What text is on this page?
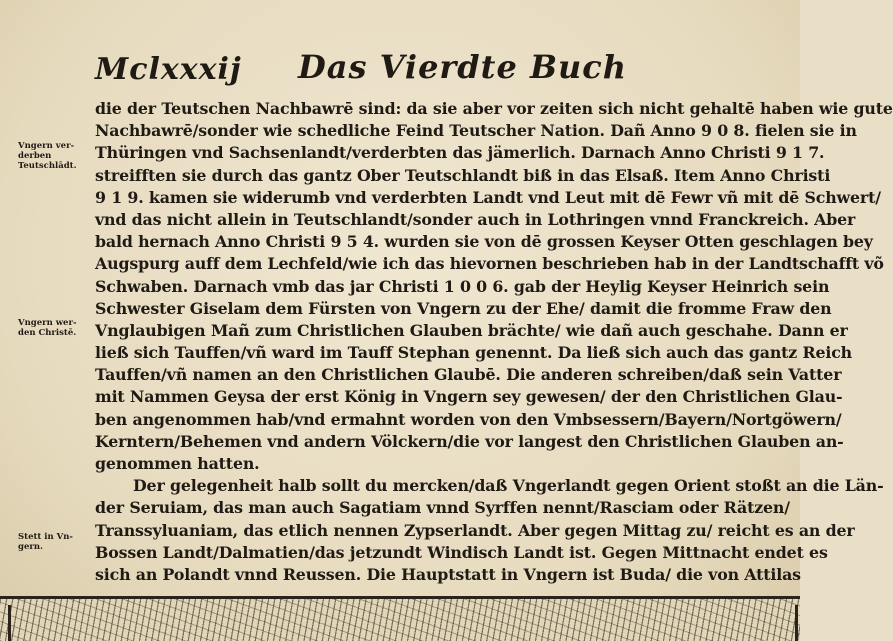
Mclxxxij Das Vierdte Buch
Vngern ver-derben Teutschlādt.
Vngern wer-den Christē.
Stett in Vn-gern.
die der Teutschen Nachbawrē sind: da sie aber vor zeiten sich nicht gehaltē haben wie gute
Nachbawrē/sonder wie schedliche Feind Teutscher Nation. Dañ Anno 9 0 8. fielen sie in
Thüringen vnd Sachsenlandt/verderbten das jämerlich. Darnach Anno Christi 9 1 7.
streifften sie durch das gantz Ober Teutschlandt biß in das Elsaß. Item Anno Christi
9 1 9. kamen sie widerumb vnd verderbten Landt vnd Leut mit dē Fewr vñ mit dē Schwert/
vnd das nicht allein in Teutschlandt/sonder auch in Lothringen vnnd Franckreich. Aber
bald hernach Anno Christi 9 5 4. wurden sie von dē grossen Keyser Otten geschlagen bey
Augspurg auff dem Lechfeld/wie ich das hievornen beschrieben hab in der Landtschafft võ
Schwaben. Darnach vmb das jar Christi 1 0 0 6. gab der Heylig Keyser Heinrich sein
Schwester Giselam dem Fürsten von Vngern zu der Ehe/ damit die fromme Fraw den
Vnglaubigen Mañ zum Christlichen Glauben brächte/ wie dañ auch geschahe. Dann er
ließ sich Tauffen/vñ ward im Tauff Stephan genennt. Da ließ sich auch das gantz Reich
Tauffen/vñ namen an den Christlichen Glaubē. Die anderen schreiben/daß sein Vatter
mit Nammen Geysa der erst König in Vngern sey gewesen/ der den Christlichen Glau-
ben angenommen hab/vnd ermahnt worden von den Vmbsessern/Bayern/Nortgöwern/
Kerntern/Behemen vnd andern Völckern/die vor langest den Christlichen Glauben an-
genommen hatten.
Der gelegenheit halb sollt du mercken/daß Vngerlandt gegen Orient stoßt an die Län-
der Seruiam, das man auch Sagatiam vnnd Syrffen nennt/Rasciam oder Rätzen/
Transsyluaniam, das etlich nennen Zypserlandt. Aber gegen Mittag zu/ reicht es an der
Bossen Landt/Dalmatien/das jetzundt Windisch Landt ist. Gegen Mittnacht endet es
sich an Polandt vnnd Reussen. Die Hauptstatt in Vngern ist Buda/ die von Attilas
